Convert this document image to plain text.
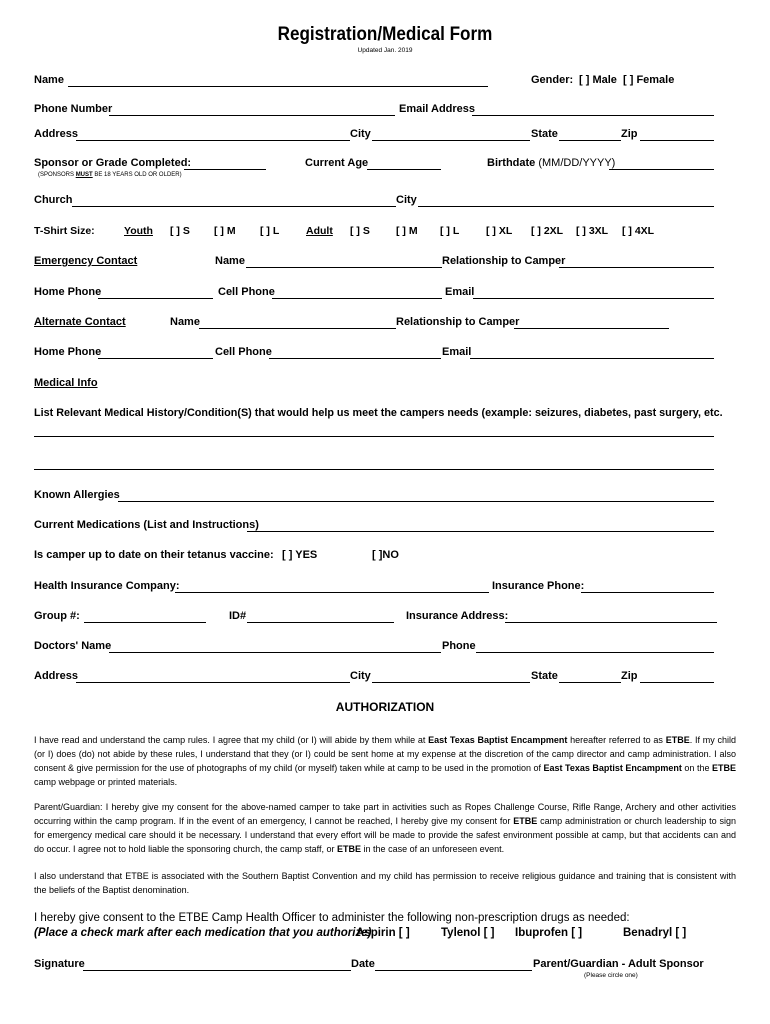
Registration/Medical Form
Updated Jan. 2019
Name	Gender: [ ] Male [ ] Female
Phone Number	Email Address
Address	City	State	Zip
Sponsor or Grade Completed:	Current Age	Birthdate (MM/DD/YYYY)
(SPONSORS MUST BE 18 YEARS OLD OR OLDER)
Church	City
T-Shirt Size:	Youth [ ] S [ ] M [ ] L	Adult [ ] S [ ] M [ ] L	[ ] XL [ ] 2XL [ ] 3XL [ ] 4XL
Emergency Contact	Name	Relationship to Camper
Home Phone	Cell Phone	Email
Alternate Contact	Name	Relationship to Camper
Home Phone	Cell Phone	Email
Medical Info
List Relevant Medical History/Condition(S) that would help us meet the campers needs (example: seizures, diabetes, past surgery, etc.
Known Allergies
Current Medications (List and Instructions)
Is camper up to date on their tetanus vaccine: [ ] YES	[ ]NO
Health Insurance Company:	Insurance Phone:
Group #:	ID#	Insurance Address:
Doctors' Name	Phone
Address	City	State	Zip
AUTHORIZATION
I have read and understand the camp rules. I agree that my child (or I) will abide by them while at East Texas Baptist Encampment hereafter referred to as ETBE. If my child (or I) does (do) not abide by these rules, I understand that they (or I) could be sent home at my expense at the discretion of the camp director and camp administration. I also consent & give permission for the use of photographs of my child (or myself) taken while at camp to be used in the promotion of East Texas Baptist Encampment on the ETBE camp webpage or printed materials.
Parent/Guardian: I hereby give my consent for the above-named camper to take part in activities such as Ropes Challenge Course, Rifle Range, Archery and other activities occurring within the camp program. If in the event of an emergency, I cannot be reached, I hereby give my consent for ETBE camp administration or church leadership to sign for emergency medical care should it be necessary. I understand that every effort will be made to provide the safest environment possible at camp, but that accidents can and do occur. I agree not to hold liable the sponsoring church, the camp staff, or ETBE in the case of an unforeseen event.
I also understand that ETBE is associated with the Southern Baptist Convention and my child has permission to receive religious guidance and training that is consistent with the beliefs of the Baptist denomination.
I hereby give consent to the ETBE Camp Health Officer to administer the following non-prescription drugs as needed:
(Place a check mark after each medication that you authorize)
Aspirin [ ]	Tylenol [ ] Ibuprofen [ ]	Benadryl [ ]
Signature	Date	Parent/Guardian - Adult Sponsor
(Please circle one)
